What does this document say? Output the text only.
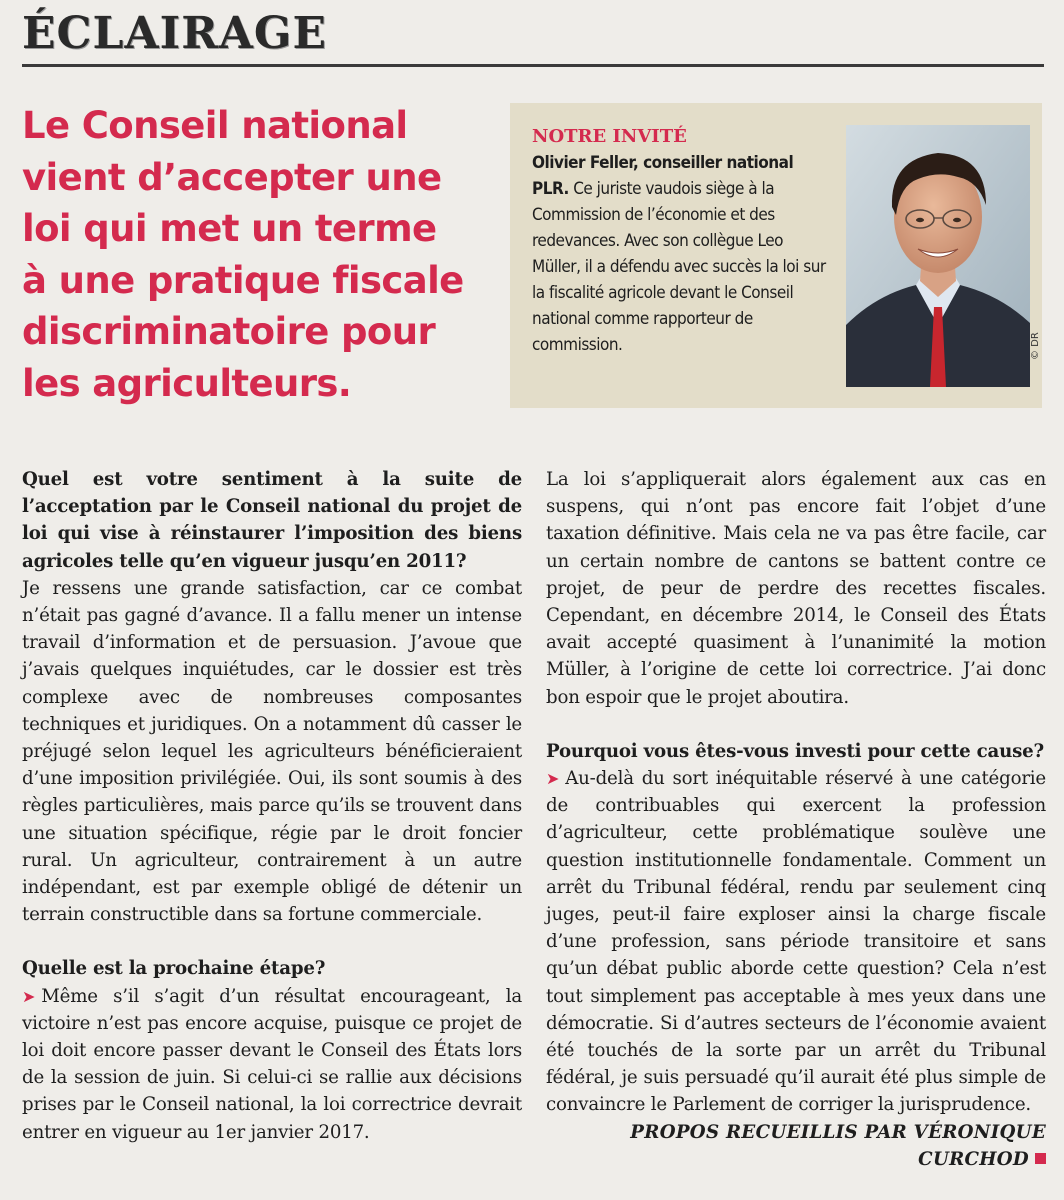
ÉCLAIRAGE
Le Conseil national
vient d’accepter une
loi qui met un terme
à une pratique fiscale
discriminatoire pour
les agriculteurs.
NOTRE INVITÉ
Olivier Feller, conseiller national PLR. Ce juriste vaudois siège à la Commission de l’économie et des redevances. Avec son collègue Leo Müller, il a défendu avec succès la loi sur la fiscalité agricole devant le Conseil national comme rapporteur de commission.	© DR
Quel est votre sentiment à la suite de l’acceptation par le Conseil national du projet de loi qui vise à réinstaurer l’imposition des biens agricoles telle qu’en vigueur jusqu’en 2011?
Je ressens une grande satisfaction, car ce combat n’était pas gagné d’avance. Il a fallu mener un intense travail d’information et de persuasion. J’avoue que j’avais quelques inquiétudes, car le dossier est très complexe avec de nombreuses composantes techniques et juridiques. On a notamment dû casser le préjugé selon lequel les agriculteurs bénéficieraient d’une imposition privilégiée. Oui, ils sont soumis à des règles particulières, mais parce qu’ils se trouvent dans une situation spécifique, régie par le droit foncier rural. Un agriculteur, contrairement à un autre indépendant, est par exemple obligé de détenir un terrain constructible dans sa fortune commerciale.
Quelle est la prochaine étape?
➤ Même s’il s’agit d’un résultat encourageant, la victoire n’est pas encore acquise, puisque ce projet de loi doit encore passer devant le Conseil des États lors de la session de juin. Si celui-ci se rallie aux décisions prises par le Conseil national, la loi correctrice devrait entrer en vigueur au 1er janvier 2017.
La loi s’appliquerait alors également aux cas en suspens, qui n’ont pas encore fait l’objet d’une taxation définitive. Mais cela ne va pas être facile, car un certain nombre de cantons se battent contre ce projet, de peur de perdre des recettes fiscales. Cependant, en décembre 2014, le Conseil des États avait accepté quasiment à l’unanimité la motion Müller, à l’origine de cette loi correctrice. J’ai donc bon espoir que le projet aboutira.
Pourquoi vous êtes-vous investi pour cette cause?
➤ Au-delà du sort inéquitable réservé à une catégorie de contribuables qui exercent la profession d’agriculteur, cette problématique soulève une question institutionnelle fondamentale. Comment un arrêt du Tribunal fédéral, rendu par seulement cinq juges, peut-il faire exploser ainsi la charge fiscale d’une profession, sans période transitoire et sans qu’un débat public aborde cette question? Cela n’est tout simplement pas acceptable à mes yeux dans une démocratie. Si d’autres secteurs de l’économie avaient été touchés de la sorte par un arrêt du Tribunal fédéral, je suis persuadé qu’il aurait été plus simple de convaincre le Parlement de corriger la jurisprudence.
PROPOS RECUEILLIS PAR VÉRONIQUE CURCHOD
